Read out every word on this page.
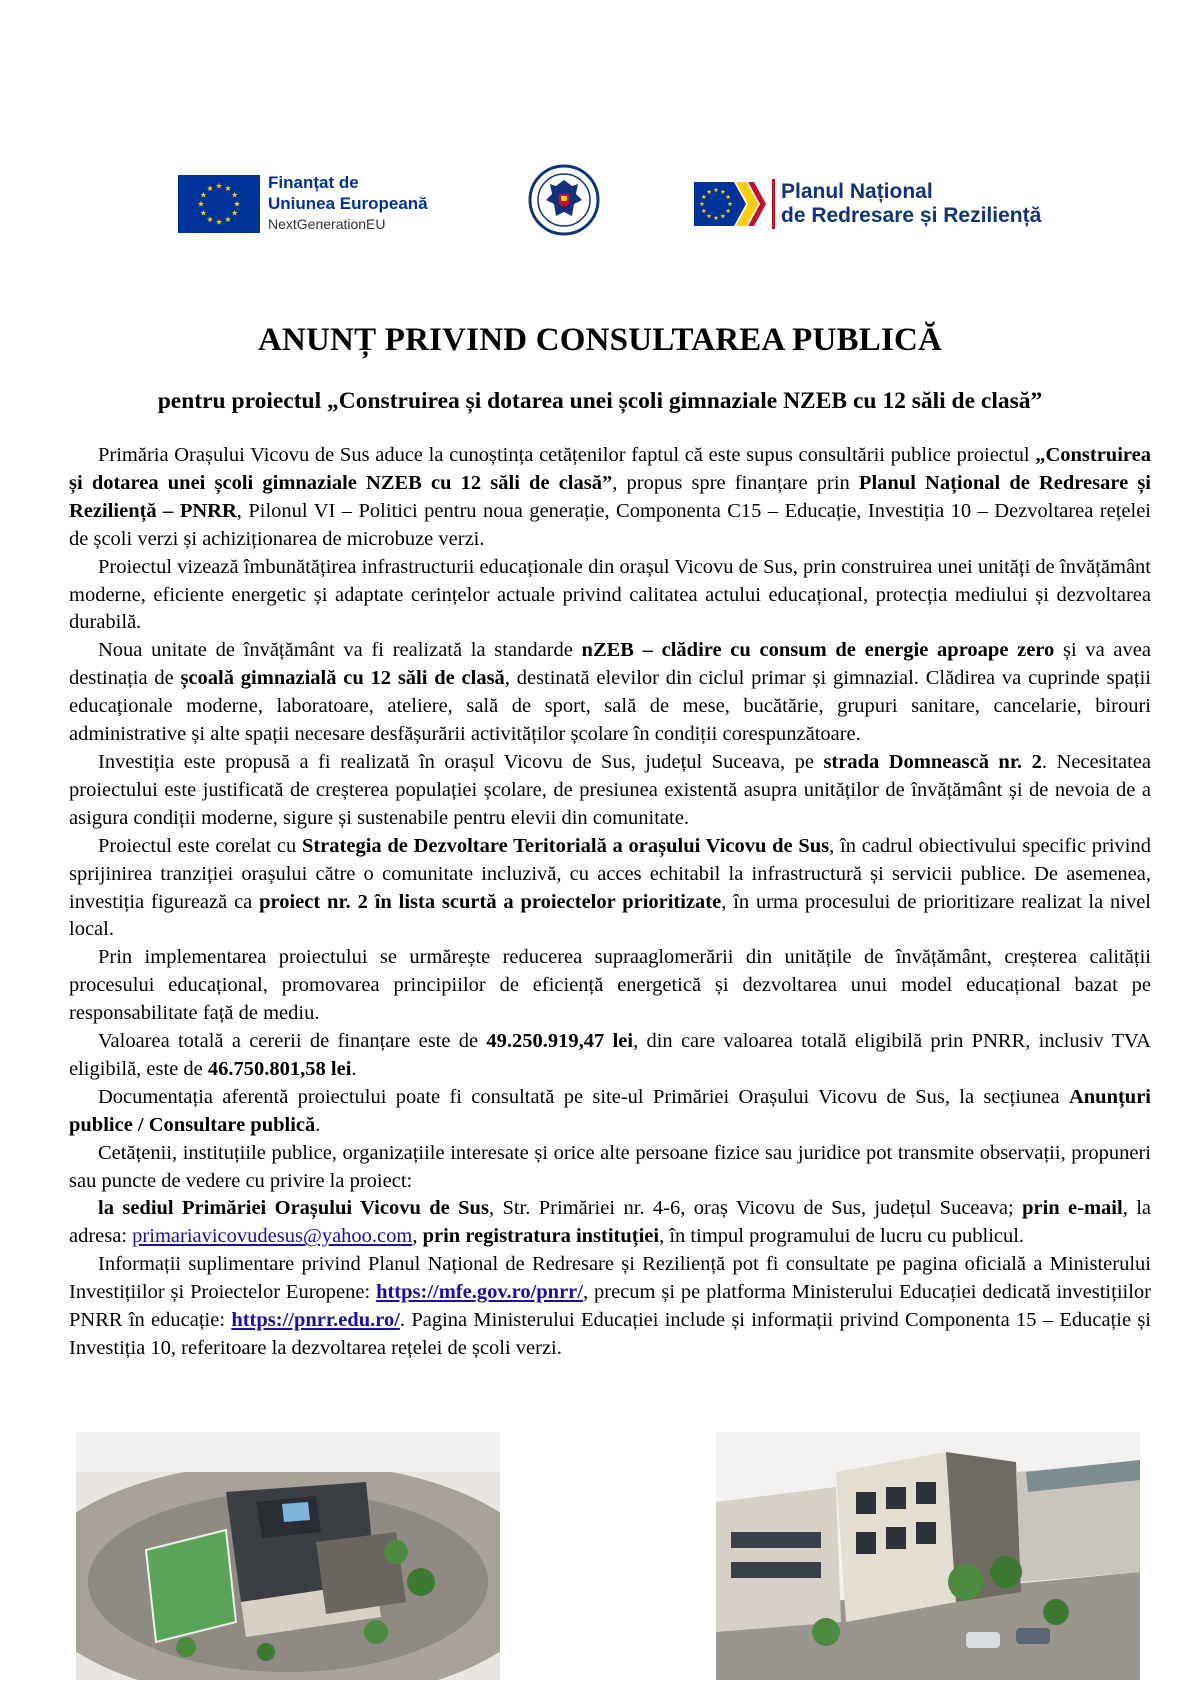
Finanțat de
Uniunea Europeană
NextGenerationEU
Planul Național
de Redresare și Reziliență
ANUNȚ PRIVIND CONSULTAREA PUBLICĂ
pentru proiectul „Construirea și dotarea unei școli gimnaziale NZEB cu 12 săli de clasă”

Primăria Orașului Vicovu de Sus aduce la cunoștința cetățenilor faptul că este supus consultării publice proiectul „Construirea și dotarea unei școli gimnaziale NZEB cu 12 săli de clasă”, propus spre finanțare prin Planul Național de Redresare și Reziliență – PNRR, Pilonul VI – Politici pentru noua generație, Componenta C15 – Educație, Investiția 10 – Dezvoltarea rețelei de școli verzi și achiziționarea de microbuze verzi.

Proiectul vizează îmbunătățirea infrastructurii educaționale din orașul Vicovu de Sus, prin construirea unei unități de învățământ moderne, eficiente energetic și adaptate cerințelor actuale privind calitatea actului educațional, protecția mediului și dezvoltarea durabilă.

Noua unitate de învățământ va fi realizată la standarde nZEB – clădire cu consum de energie aproape zero și va avea destinația de școală gimnazială cu 12 săli de clasă, destinată elevilor din ciclul primar și gimnazial. Clădirea va cuprinde spații educaționale moderne, laboratoare, ateliere, sală de sport, sală de mese, bucătărie, grupuri sanitare, cancelarie, birouri administrative și alte spații necesare desfășurării activităților școlare în condiții corespunzătoare.

Investiția este propusă a fi realizată în orașul Vicovu de Sus, județul Suceava, pe strada Domnească nr. 2. Necesitatea proiectului este justificată de creșterea populației școlare, de presiunea existentă asupra unităților de învățământ și de nevoia de a asigura condiții moderne, sigure și sustenabile pentru elevii din comunitate.

Proiectul este corelat cu Strategia de Dezvoltare Teritorială a orașului Vicovu de Sus, în cadrul obiectivului specific privind sprijinirea tranziției orașului către o comunitate incluzivă, cu acces echitabil la infrastructură și servicii publice. De asemenea, investiția figurează ca proiect nr. 2 în lista scurtă a proiectelor prioritizate, în urma procesului de prioritizare realizat la nivel local.

Prin implementarea proiectului se urmărește reducerea supraaglomerării din unitățile de învățământ, creșterea calității procesului educațional, promovarea principiilor de eficiență energetică și dezvoltarea unui model educațional bazat pe responsabilitate față de mediu.

Valoarea totală a cererii de finanțare este de 49.250.919,47 lei, din care valoarea totală eligibilă prin PNRR, inclusiv TVA eligibilă, este de 46.750.801,58 lei.

Documentația aferentă proiectului poate fi consultată pe site-ul Primăriei Orașului Vicovu de Sus, la secțiunea Anunțuri publice / Consultare publică.

Cetățenii, instituțiile publice, organizațiile interesate și orice alte persoane fizice sau juridice pot transmite observații, propuneri sau puncte de vedere cu privire la proiect:

la sediul Primăriei Orașului Vicovu de Sus, Str. Primăriei nr. 4-6, oraș Vicovu de Sus, județul Suceava; prin e-mail, la adresa: primariavicovudesus@yahoo.com, prin registratura instituției, în timpul programului de lucru cu publicul.

Informații suplimentare privind Planul Național de Redresare și Reziliență pot fi consultate pe pagina oficială a Ministerului Investițiilor și Proiectelor Europene: https://mfe.gov.ro/pnrr/, precum și pe platforma Ministerului Educației dedicată investițiilor PNRR în educație: https://pnrr.edu.ro/. Pagina Ministerului Educației include și informații privind Componenta 15 – Educație și Investiția 10, referitoare la dezvoltarea rețelei de școli verzi.
